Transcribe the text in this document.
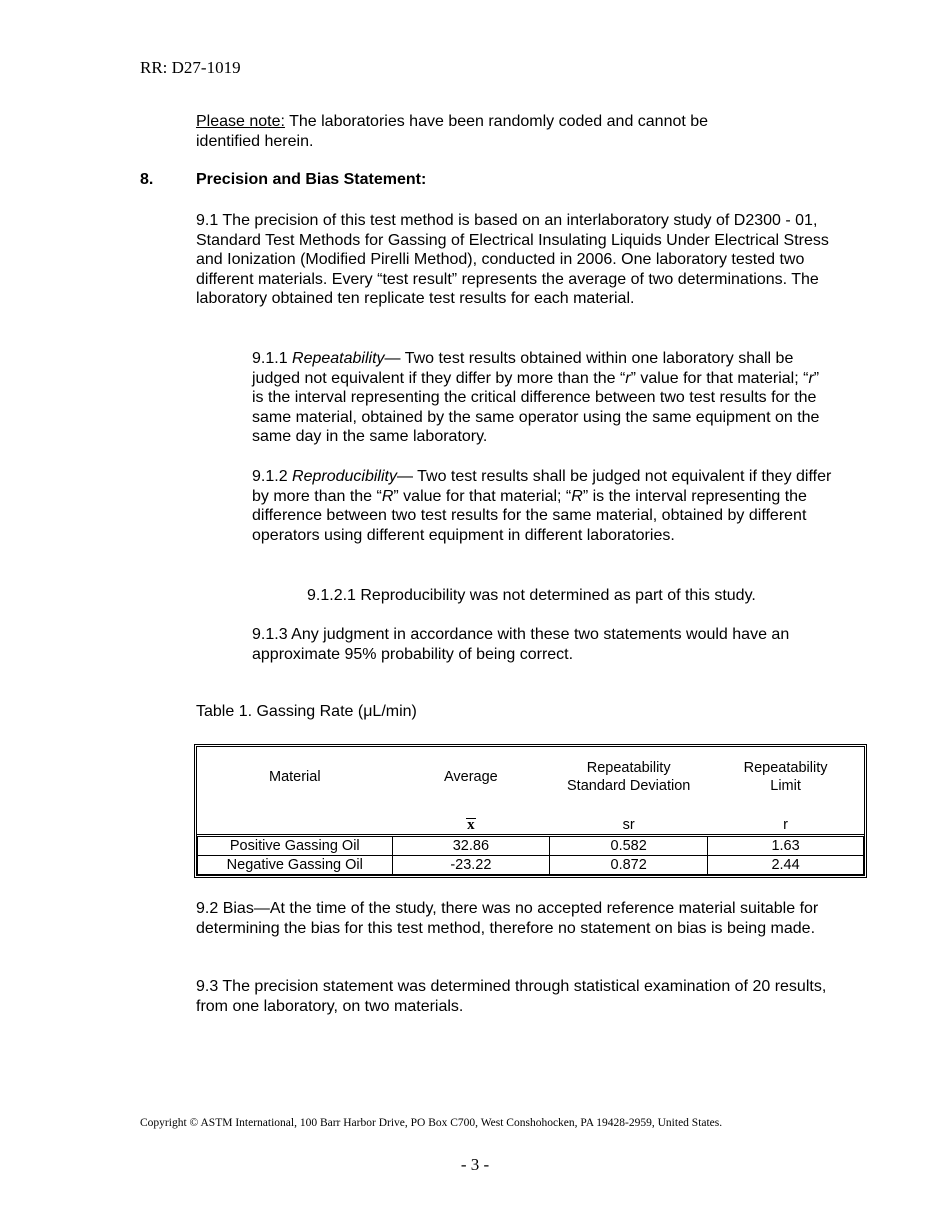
RR: D27-1019
Please note: The laboratories have been randomly coded and cannot be identified herein.
8.	Precision and Bias Statement:
9.1 The precision of this test method is based on an interlaboratory study of D2300 - 01, Standard Test Methods for Gassing of Electrical Insulating Liquids Under Electrical Stress and Ionization (Modified Pirelli Method), conducted in 2006. One laboratory tested two different materials. Every “test result” represents the average of two determinations. The laboratory obtained ten replicate test results for each material.
9.1.1 Repeatability— Two test results obtained within one laboratory shall be judged not equivalent if they differ by more than the “r” value for that material; “r” is the interval representing the critical difference between two test results for the same material, obtained by the same operator using the same equipment on the same day in the same laboratory.
9.1.2 Reproducibility— Two test results shall be judged not equivalent if they differ by more than the “R” value for that material; “R” is the interval representing the difference between two test results for the same material, obtained by different operators using different equipment in different laboratories.
9.1.2.1 Reproducibility was not determined as part of this study.
9.1.3 Any judgment in accordance with these two statements would have an approximate 95% probability of being correct.
Table 1. Gassing Rate (μL/min)
Material	Average	Repeatability Standard Deviation	Repeatability Limit

	x	sr	r
Positive Gassing Oil	32.86	0.582	1.63
Negative Gassing Oil	-23.22	0.872	2.44
9.2 Bias—At the time of the study, there was no accepted reference material suitable for determining the bias for this test method, therefore no statement on bias is being made.
9.3 The precision statement was determined through statistical examination of 20 results, from one laboratory, on two materials.
Copyright © ASTM International, 100 Barr Harbor Drive, PO Box C700, West Conshohocken, PA 19428-2959, United States.
- 3 -
